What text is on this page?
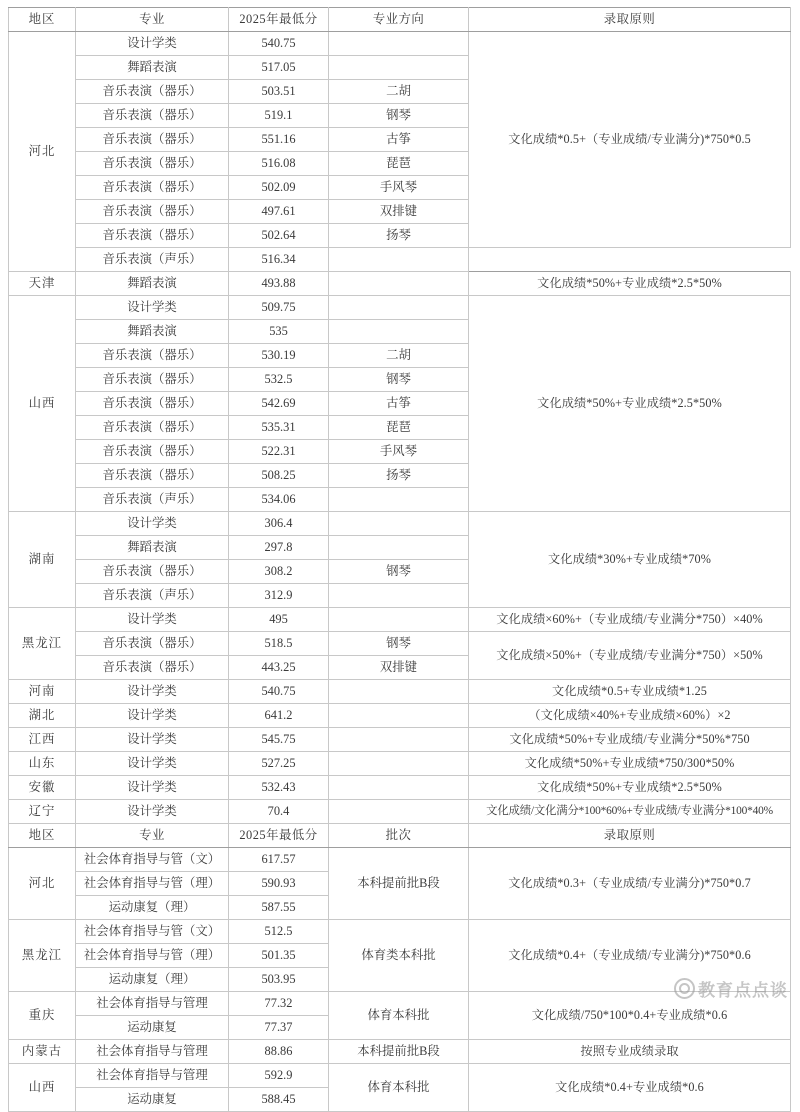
地区	专业	2025年最低分	专业方向	录取原则
河北	设计学类	540.75		文化成绩*0.5+（专业成绩/专业满分)*750*0.5
	舞蹈表演	517.05		
	音乐表演（器乐）	503.51	二胡	
	音乐表演（器乐）	519.1	钢琴	
	音乐表演（器乐）	551.16	古筝	
	音乐表演（器乐）	516.08	琵琶	
	音乐表演（器乐）	502.09	手风琴	
	音乐表演（器乐）	497.61	双排键	
	音乐表演（器乐）	502.64	扬琴	
	音乐表演（声乐）	516.34		
天津	舞蹈表演	493.88		文化成绩*50%+专业成绩*2.5*50%
山西	设计学类	509.75		文化成绩*50%+专业成绩*2.5*50%
	舞蹈表演	535		
	音乐表演（器乐）	530.19	二胡	
	音乐表演（器乐）	532.5	钢琴	
	音乐表演（器乐）	542.69	古筝	
	音乐表演（器乐）	535.31	琵琶	
	音乐表演（器乐）	522.31	手风琴	
	音乐表演（器乐）	508.25	扬琴	
	音乐表演（声乐）	534.06		
湖南	设计学类	306.4		文化成绩*30%+专业成绩*70%
	舞蹈表演	297.8		
	音乐表演（器乐）	308.2	钢琴	
	音乐表演（声乐）	312.9		
黑龙江	设计学类	495		文化成绩×60%+（专业成绩/专业满分*750）×40%
	音乐表演（器乐）	518.5	钢琴	文化成绩×50%+（专业成绩/专业满分*750）×50%
	音乐表演（器乐）	443.25	双排键	
河南	设计学类	540.75		文化成绩*0.5+专业成绩*1.25
湖北	设计学类	641.2		（文化成绩×40%+专业成绩×60%）×2
江西	设计学类	545.75		文化成绩*50%+专业成绩/专业满分*50%*750
山东	设计学类	527.25		文化成绩*50%+专业成绩*750/300*50%
安徽	设计学类	532.43		文化成绩*50%+专业成绩*2.5*50%
辽宁	设计学类	70.4		文化成绩/文化满分*100*60%+专业成绩/专业满分*100*40%
地区	专业	2025年最低分	批次	录取原则
河北	社会体育指导与管（文）	617.57	本科提前批B段	文化成绩*0.3+（专业成绩/专业满分)*750*0.7
	社会体育指导与管（理）	590.93		
	运动康复（理）	587.55		
黑龙江	社会体育指导与管（文）	512.5	体育类本科批	文化成绩*0.4+（专业成绩/专业满分)*750*0.6
	社会体育指导与管（理）	501.35		
	运动康复（理）	503.95		
重庆	社会体育指导与管理	77.32	体育本科批	文化成绩/750*100*0.4+专业成绩*0.6
	运动康复	77.37		
内蒙古	社会体育指导与管理	88.86	本科提前批B段	按照专业成绩录取
山西	社会体育指导与管理	592.9	体育本科批	文化成绩*0.4+专业成绩*0.6
	运动康复	588.45		
教育点点谈
